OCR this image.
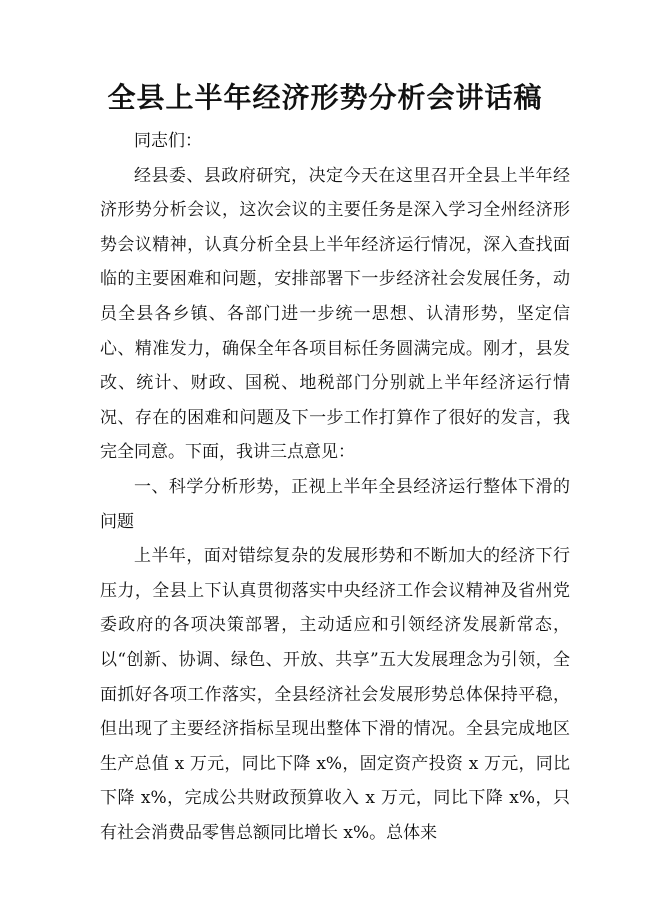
全县上半年经济形势分析会讲话稿

同志们：

经县委、县政府研究，决定今天在这里召开全县上半年经济形势分析会议，这次会议的主要任务是深入学习全州经济形势会议精神，认真分析全县上半年经济运行情况，深入查找面临的主要困难和问题，安排部署下一步经济社会发展任务，动员全县各乡镇、各部门进一步统一思想、认清形势，坚定信心、精准发力，确保全年各项目标任务圆满完成。刚才，县发改、统计、财政、国税、地税部门分别就上半年经济运行情况、存在的困难和问题及下一步工作打算作了很好的发言，我完全同意。下面，我讲三点意见：

一、科学分析形势，正视上半年全县经济运行整体下滑的问题

上半年，面对错综复杂的发展形势和不断加大的经济下行压力，全县上下认真贯彻落实中央经济工作会议精神及省州党委政府的各项决策部署，主动适应和引领经济发展新常态，以“创新、协调、绿色、开放、共享”五大发展理念为引领，全面抓好各项工作落实，全县经济社会发展形势总体保持平稳，但出现了主要经济指标呈现出整体下滑的情况。全县完成地区生产总值 x 万元，同比下降 x%，固定资产投资 x 万元，同比下降 x%，完成公共财政预算收入 x 万元，同比下降 x%，只有社会消费品零售总额同比增长 x%。总体来
